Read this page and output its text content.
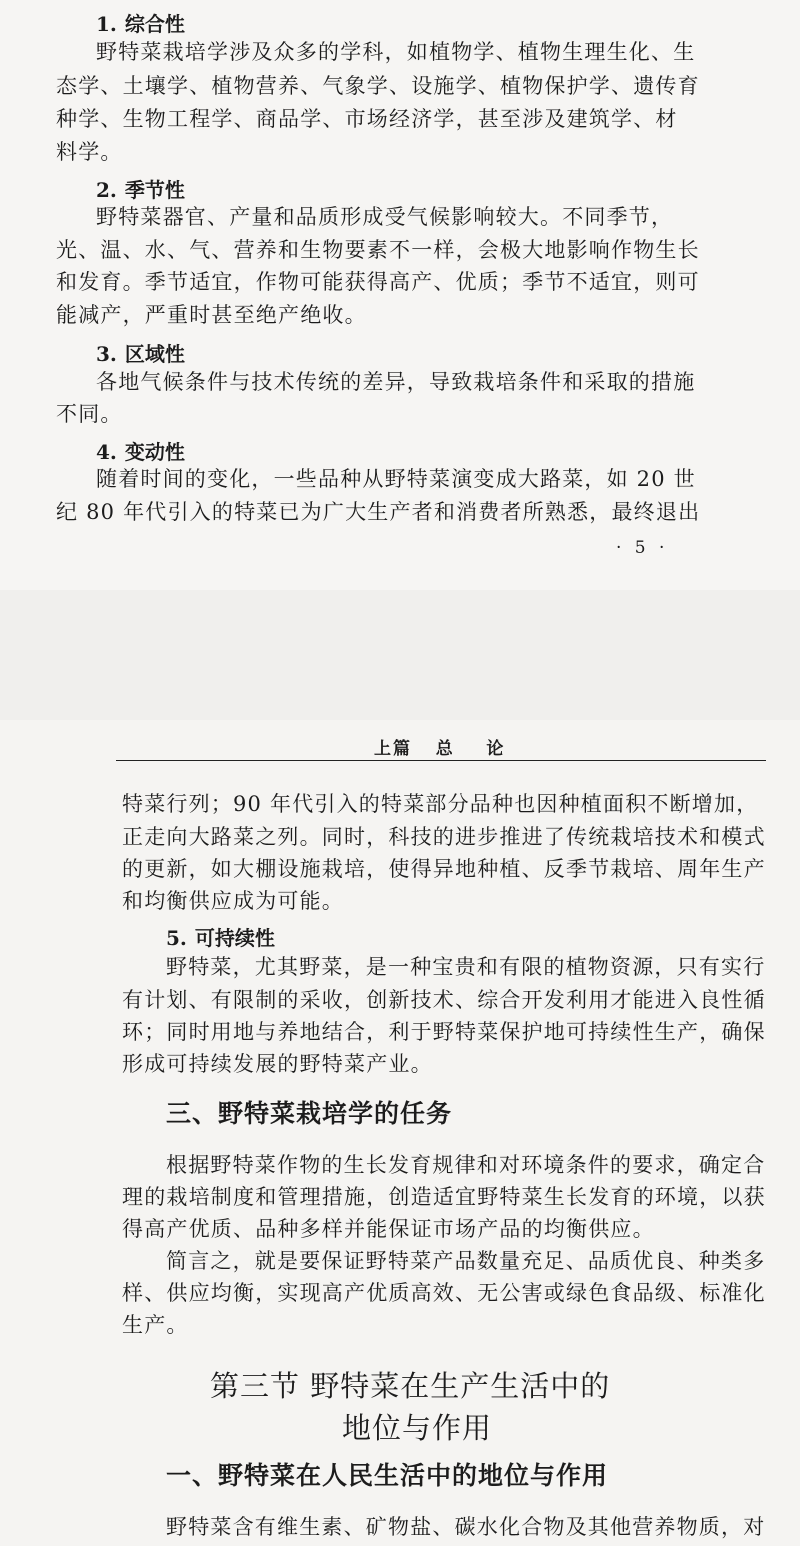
1. 综合性
野特菜栽培学涉及众多的学科，如植物学、植物生理生化、生
态学、土壤学、植物营养、气象学、设施学、植物保护学、遗传育
种学、生物工程学、商品学、市场经济学，甚至涉及建筑学、材
料学。
2. 季节性
野特菜器官、产量和品质形成受气候影响较大。不同季节，
光、温、水、气、营养和生物要素不一样，会极大地影响作物生长
和发育。季节适宜，作物可能获得高产、优质；季节不适宜，则可
能减产，严重时甚至绝产绝收。
3. 区域性
各地气候条件与技术传统的差异，导致栽培条件和采取的措施
不同。
4. 变动性
随着时间的变化，一些品种从野特菜演变成大路菜，如 20 世
纪 80 年代引入的特菜已为广大生产者和消费者所熟悉，最终退出
· 5 ·
上篇   总    论
特菜行列；90 年代引入的特菜部分品种也因种植面积不断增加，
正走向大路菜之列。同时，科技的进步推进了传统栽培技术和模式
的更新，如大棚设施栽培，使得异地种植、反季节栽培、周年生产
和均衡供应成为可能。
5. 可持续性
野特菜，尤其野菜，是一种宝贵和有限的植物资源，只有实行
有计划、有限制的采收，创新技术、综合开发利用才能进入良性循
环；同时用地与养地结合，利于野特菜保护地可持续性生产，确保
形成可持续发展的野特菜产业。
三、野特菜栽培学的任务
根据野特菜作物的生长发育规律和对环境条件的要求，确定合
理的栽培制度和管理措施，创造适宜野特菜生长发育的环境，以获
得高产优质、品种多样并能保证市场产品的均衡供应。
简言之，就是要保证野特菜产品数量充足、品质优良、种类多
样、供应均衡，实现高产优质高效、无公害或绿色食品级、标准化
生产。
第三节 野特菜在生产生活中的
地位与作用
一、野特菜在人民生活中的地位与作用
野特菜含有维生素、矿物盐、碳水化合物及其他营养物质，对
